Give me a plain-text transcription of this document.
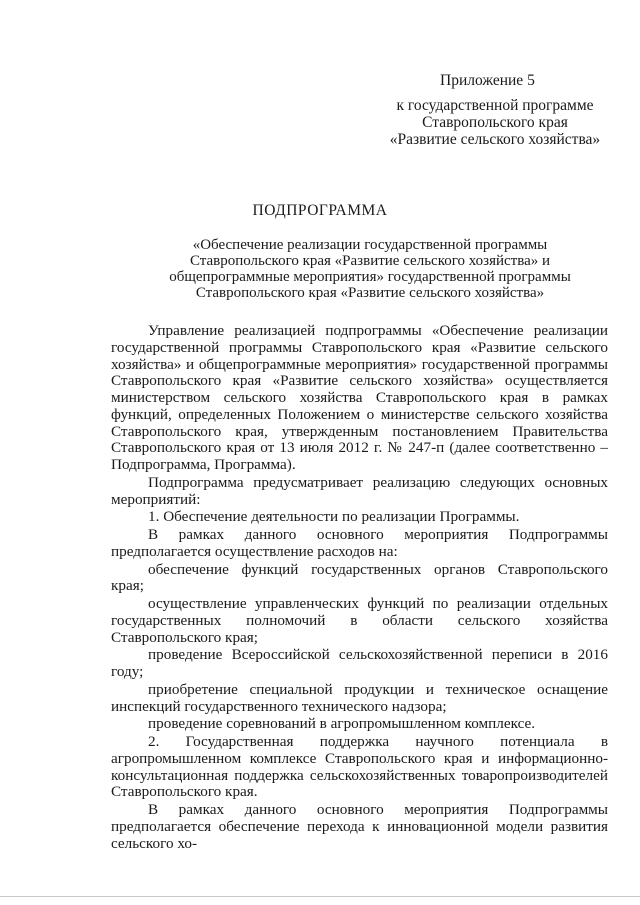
Приложение 5
к государственной программе
Ставропольского края
«Развитие сельского хозяйства»
ПОДПРОГРАММА
«Обеспечение реализации государственной программы Ставропольского края «Развитие сельского хозяйства» и общепрограммные мероприятия» государственной программы Ставропольского края «Развитие сельского хозяйства»

Управление реализацией подпрограммы «Обеспечение реализации государственной программы Ставропольского края «Развитие сельского хозяйства» и общепрограммные мероприятия» государственной программы Ставропольского края «Развитие сельского хозяйства» осуществляется министерством сельского хозяйства Ставропольского края в рамках функций, определенных Положением о министерстве сельского хозяйства Ставропольского края, утвержденным постановлением Правительства Ставропольского края от 13 июля 2012 г. № 247-п (далее соответственно – Подпрограмма, Программа).

Подпрограмма предусматривает реализацию следующих основных мероприятий:

1. Обеспечение деятельности по реализации Программы.

В рамках данного основного мероприятия Подпрограммы предполагается осуществление расходов на:

обеспечение функций государственных органов Ставропольского края;

осуществление управленческих функций по реализации отдельных государственных полномочий в области сельского хозяйства Ставропольского края;

проведение Всероссийской сельскохозяйственной переписи в 2016 году;

приобретение специальной продукции и техническое оснащение инспекций государственного технического надзора;

проведение соревнований в агропромышленном комплексе.

2. Государственная поддержка научного потенциала в агропромышленном комплексе Ставропольского края и информационно-консультационная поддержка сельскохозяйственных товаропроизводителей Ставропольского края.

В рамках данного основного мероприятия Подпрограммы предполагается обеспечение перехода к инновационной модели развития сельского хо-
